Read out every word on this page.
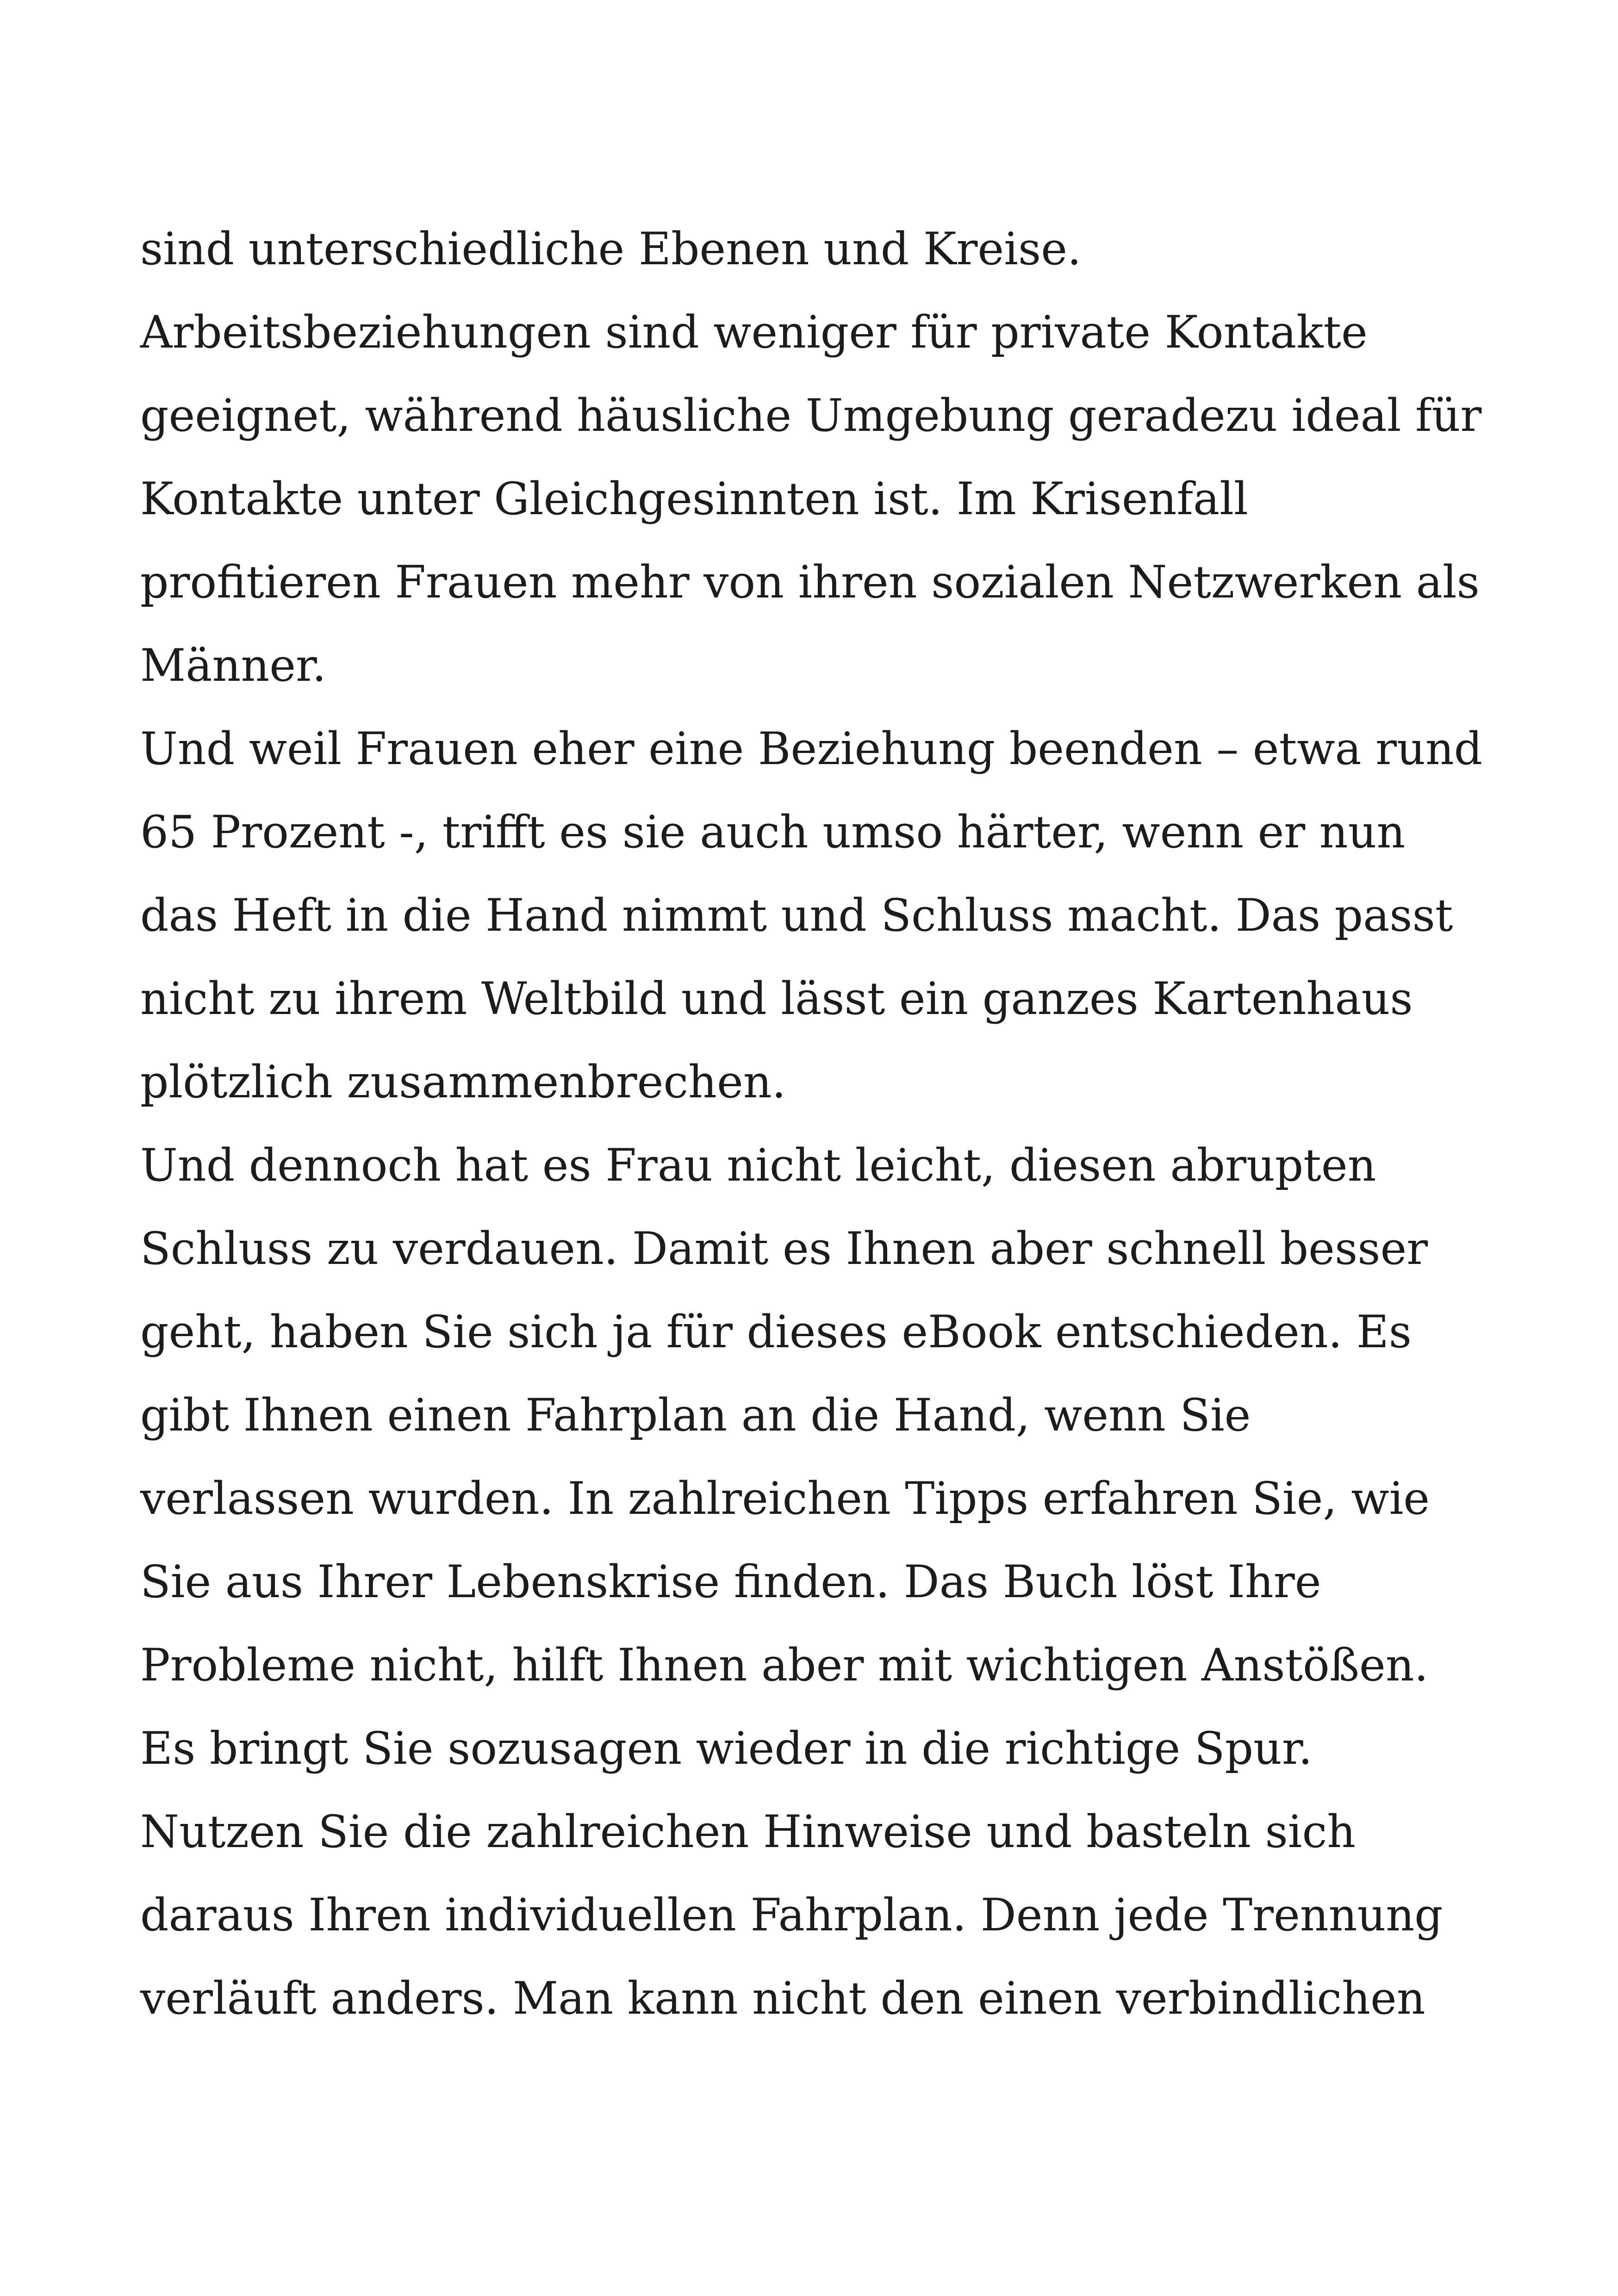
sind unterschiedliche Ebenen und Kreise.
Arbeitsbeziehungen sind weniger für private Kontakte
geeignet, während häusliche Umgebung geradezu ideal für
Kontakte unter Gleichgesinnten ist. Im Krisenfall
profitieren Frauen mehr von ihren sozialen Netzwerken als
Männer.
Und weil Frauen eher eine Beziehung beenden – etwa rund
65 Prozent -, trifft es sie auch umso härter, wenn er nun
das Heft in die Hand nimmt und Schluss macht. Das passt
nicht zu ihrem Weltbild und lässt ein ganzes Kartenhaus
plötzlich zusammenbrechen.
Und dennoch hat es Frau nicht leicht, diesen abrupten
Schluss zu verdauen. Damit es Ihnen aber schnell besser
geht, haben Sie sich ja für dieses eBook entschieden. Es
gibt Ihnen einen Fahrplan an die Hand, wenn Sie
verlassen wurden. In zahlreichen Tipps erfahren Sie, wie
Sie aus Ihrer Lebenskrise finden. Das Buch löst Ihre
Probleme nicht, hilft Ihnen aber mit wichtigen Anstößen.
Es bringt Sie sozusagen wieder in die richtige Spur.
Nutzen Sie die zahlreichen Hinweise und basteln sich
daraus Ihren individuellen Fahrplan. Denn jede Trennung
verläuft anders. Man kann nicht den einen verbindlichen
